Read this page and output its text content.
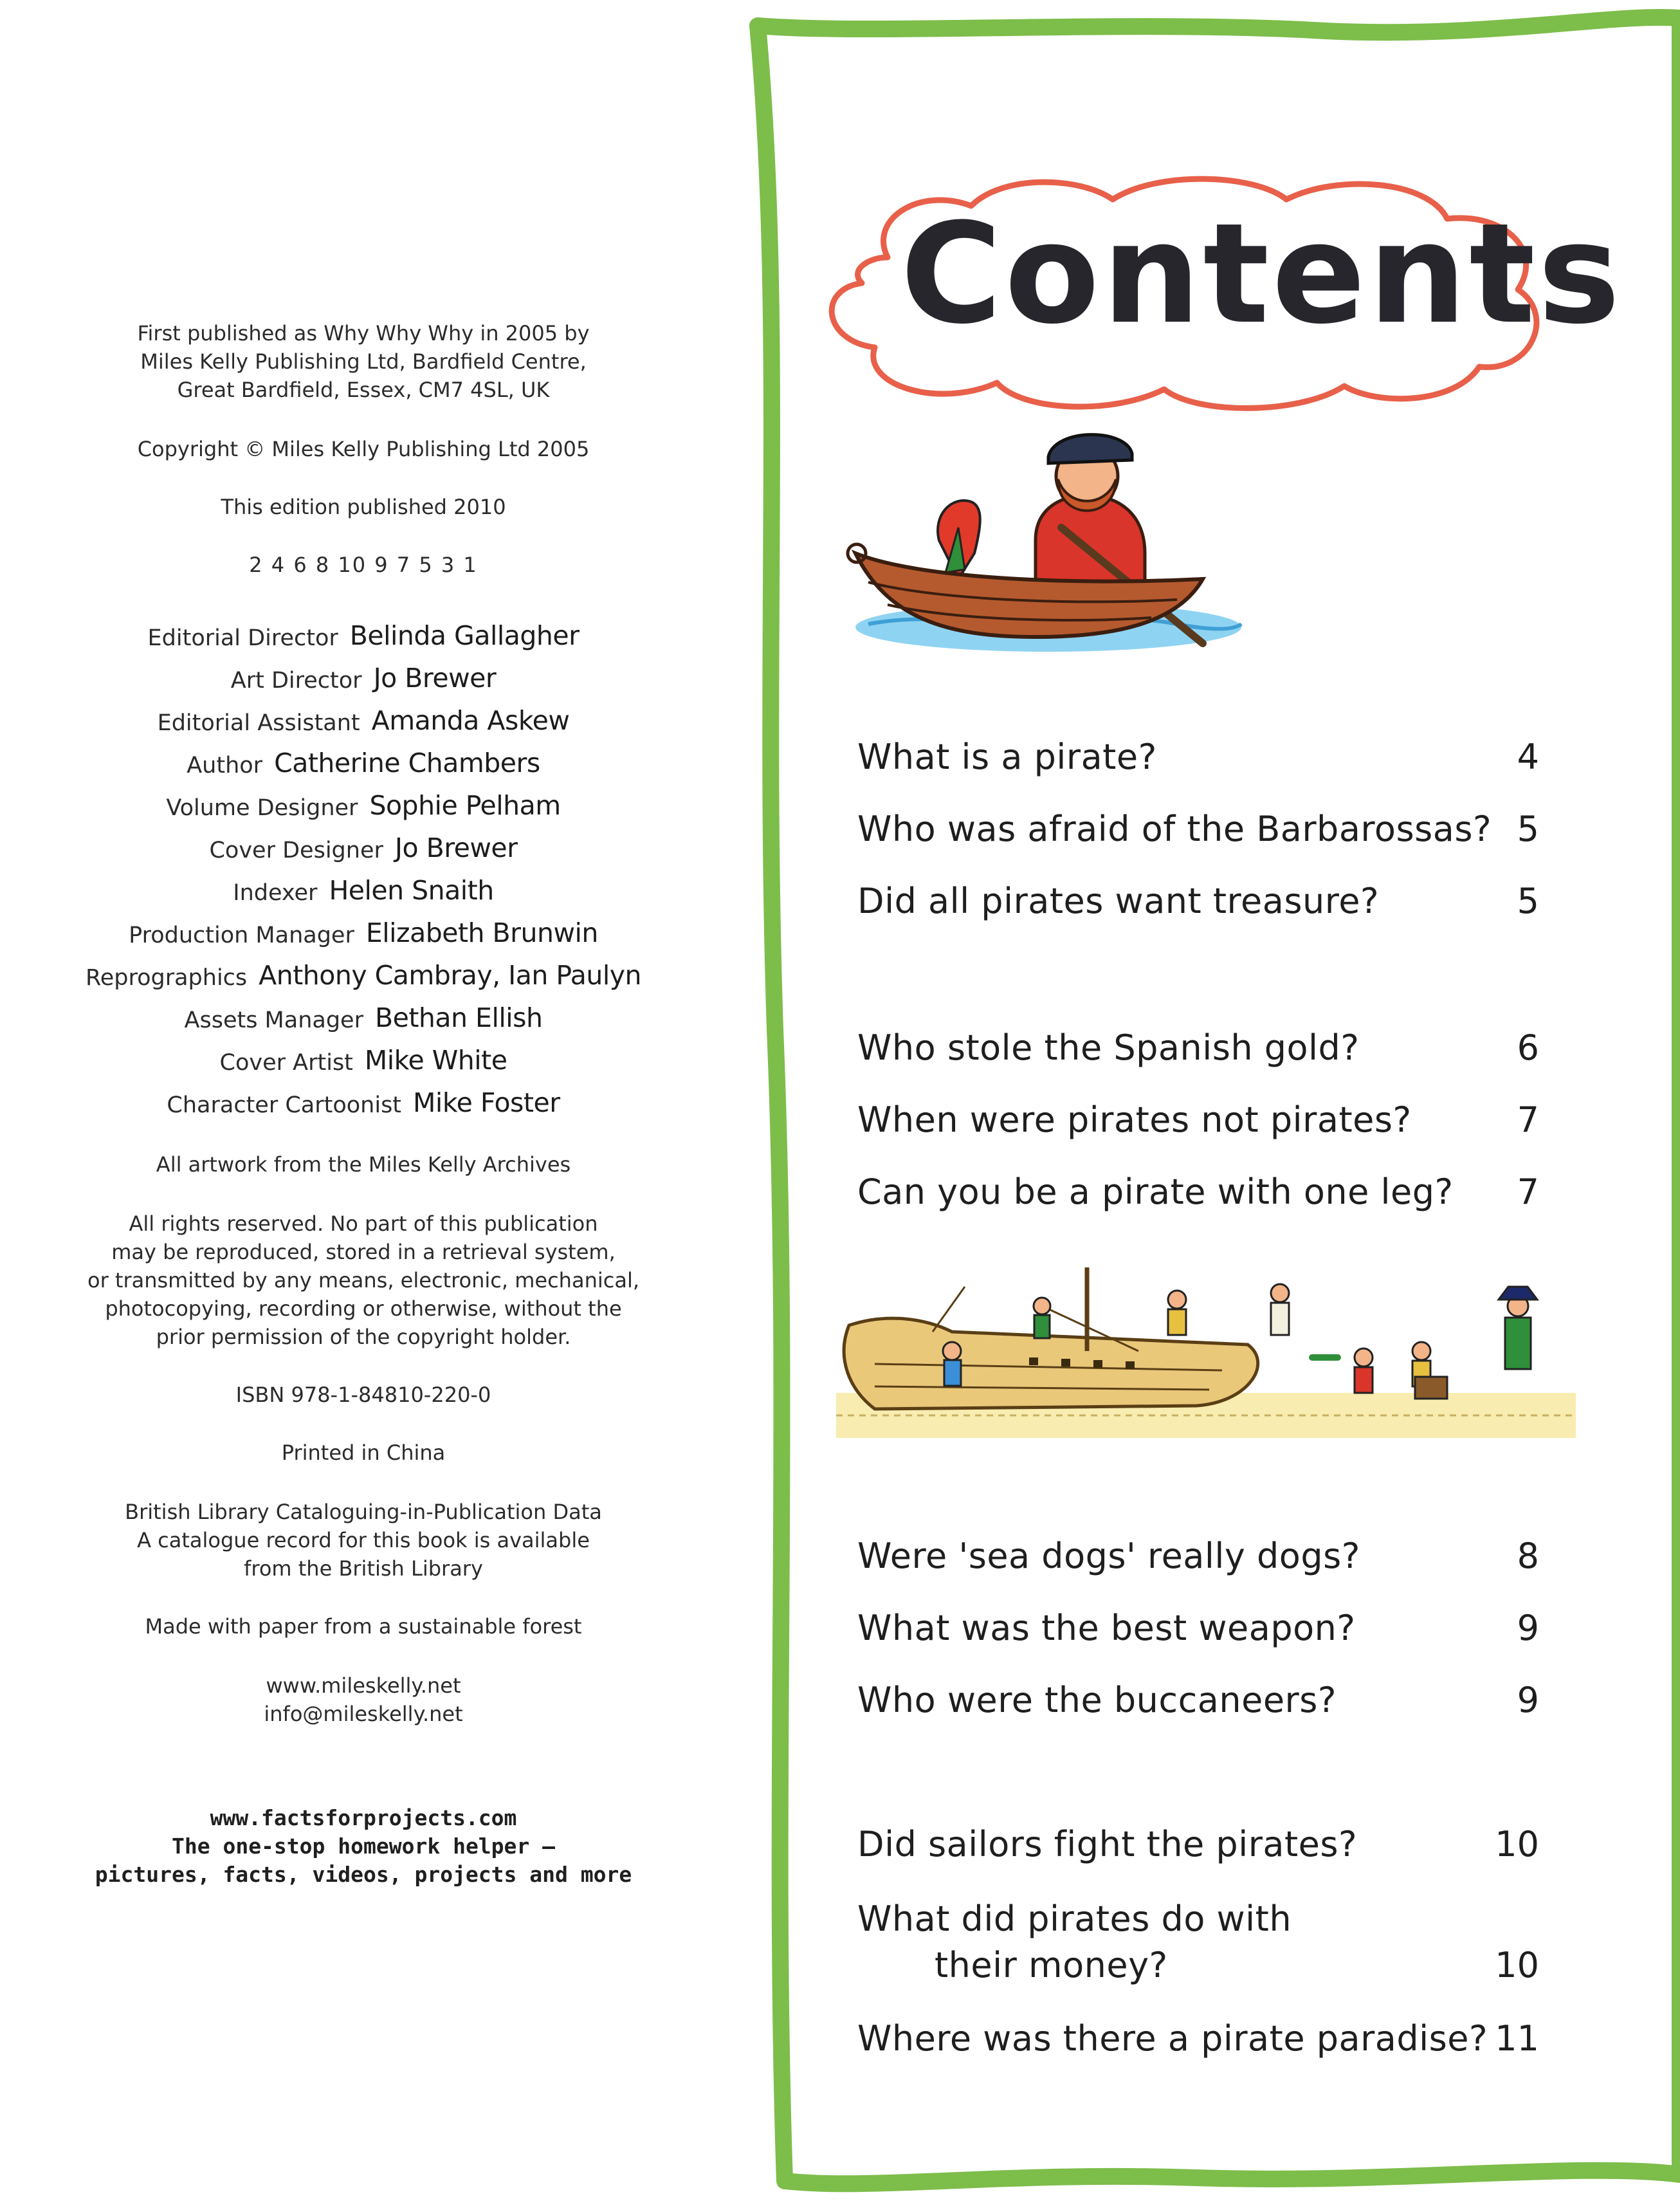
First published as Why Why Why in 2005 by
Miles Kelly Publishing Ltd, Bardfield Centre,
Great Bardfield, Essex, CM7 4SL, UK
Copyright © Miles Kelly Publishing Ltd 2005
This edition published 2010
2 4 6 8 10 9 7 5 3 1
Editorial Director Belinda Gallagher
Art Director Jo Brewer
Editorial Assistant Amanda Askew
Author Catherine Chambers
Volume Designer Sophie Pelham
Cover Designer Jo Brewer
Indexer Helen Snaith
Production Manager Elizabeth Brunwin
Reprographics Anthony Cambray, Ian Paulyn
Assets Manager Bethan Ellish
Cover Artist Mike White
Character Cartoonist Mike Foster
All artwork from the Miles Kelly Archives
All rights reserved. No part of this publication
may be reproduced, stored in a retrieval system,
or transmitted by any means, electronic, mechanical,
photocopying, recording or otherwise, without the
prior permission of the copyright holder.
ISBN 978-1-84810-220-0
Printed in China
British Library Cataloguing-in-Publication Data
A catalogue record for this book is available
from the British Library
Made with paper from a sustainable forest
www.mileskelly.net
info@mileskelly.net
www.factsforprojects.com
The one-stop homework helper –
pictures, facts, videos, projects and more
Contents
What is a pirate?	4
Who was afraid of the Barbarossas? 5
Did all pirates want treasure?	5
Who stole the Spanish gold?	6
When were pirates not pirates?	7
Can you be a pirate with one leg? 7
Were 'sea dogs' really dogs?	8
What was the best weapon?	9
Who were the buccaneers?	9
Did sailors fight the pirates?	10
What did pirates do with
their money?	10
Where was there a pirate paradise? 11
